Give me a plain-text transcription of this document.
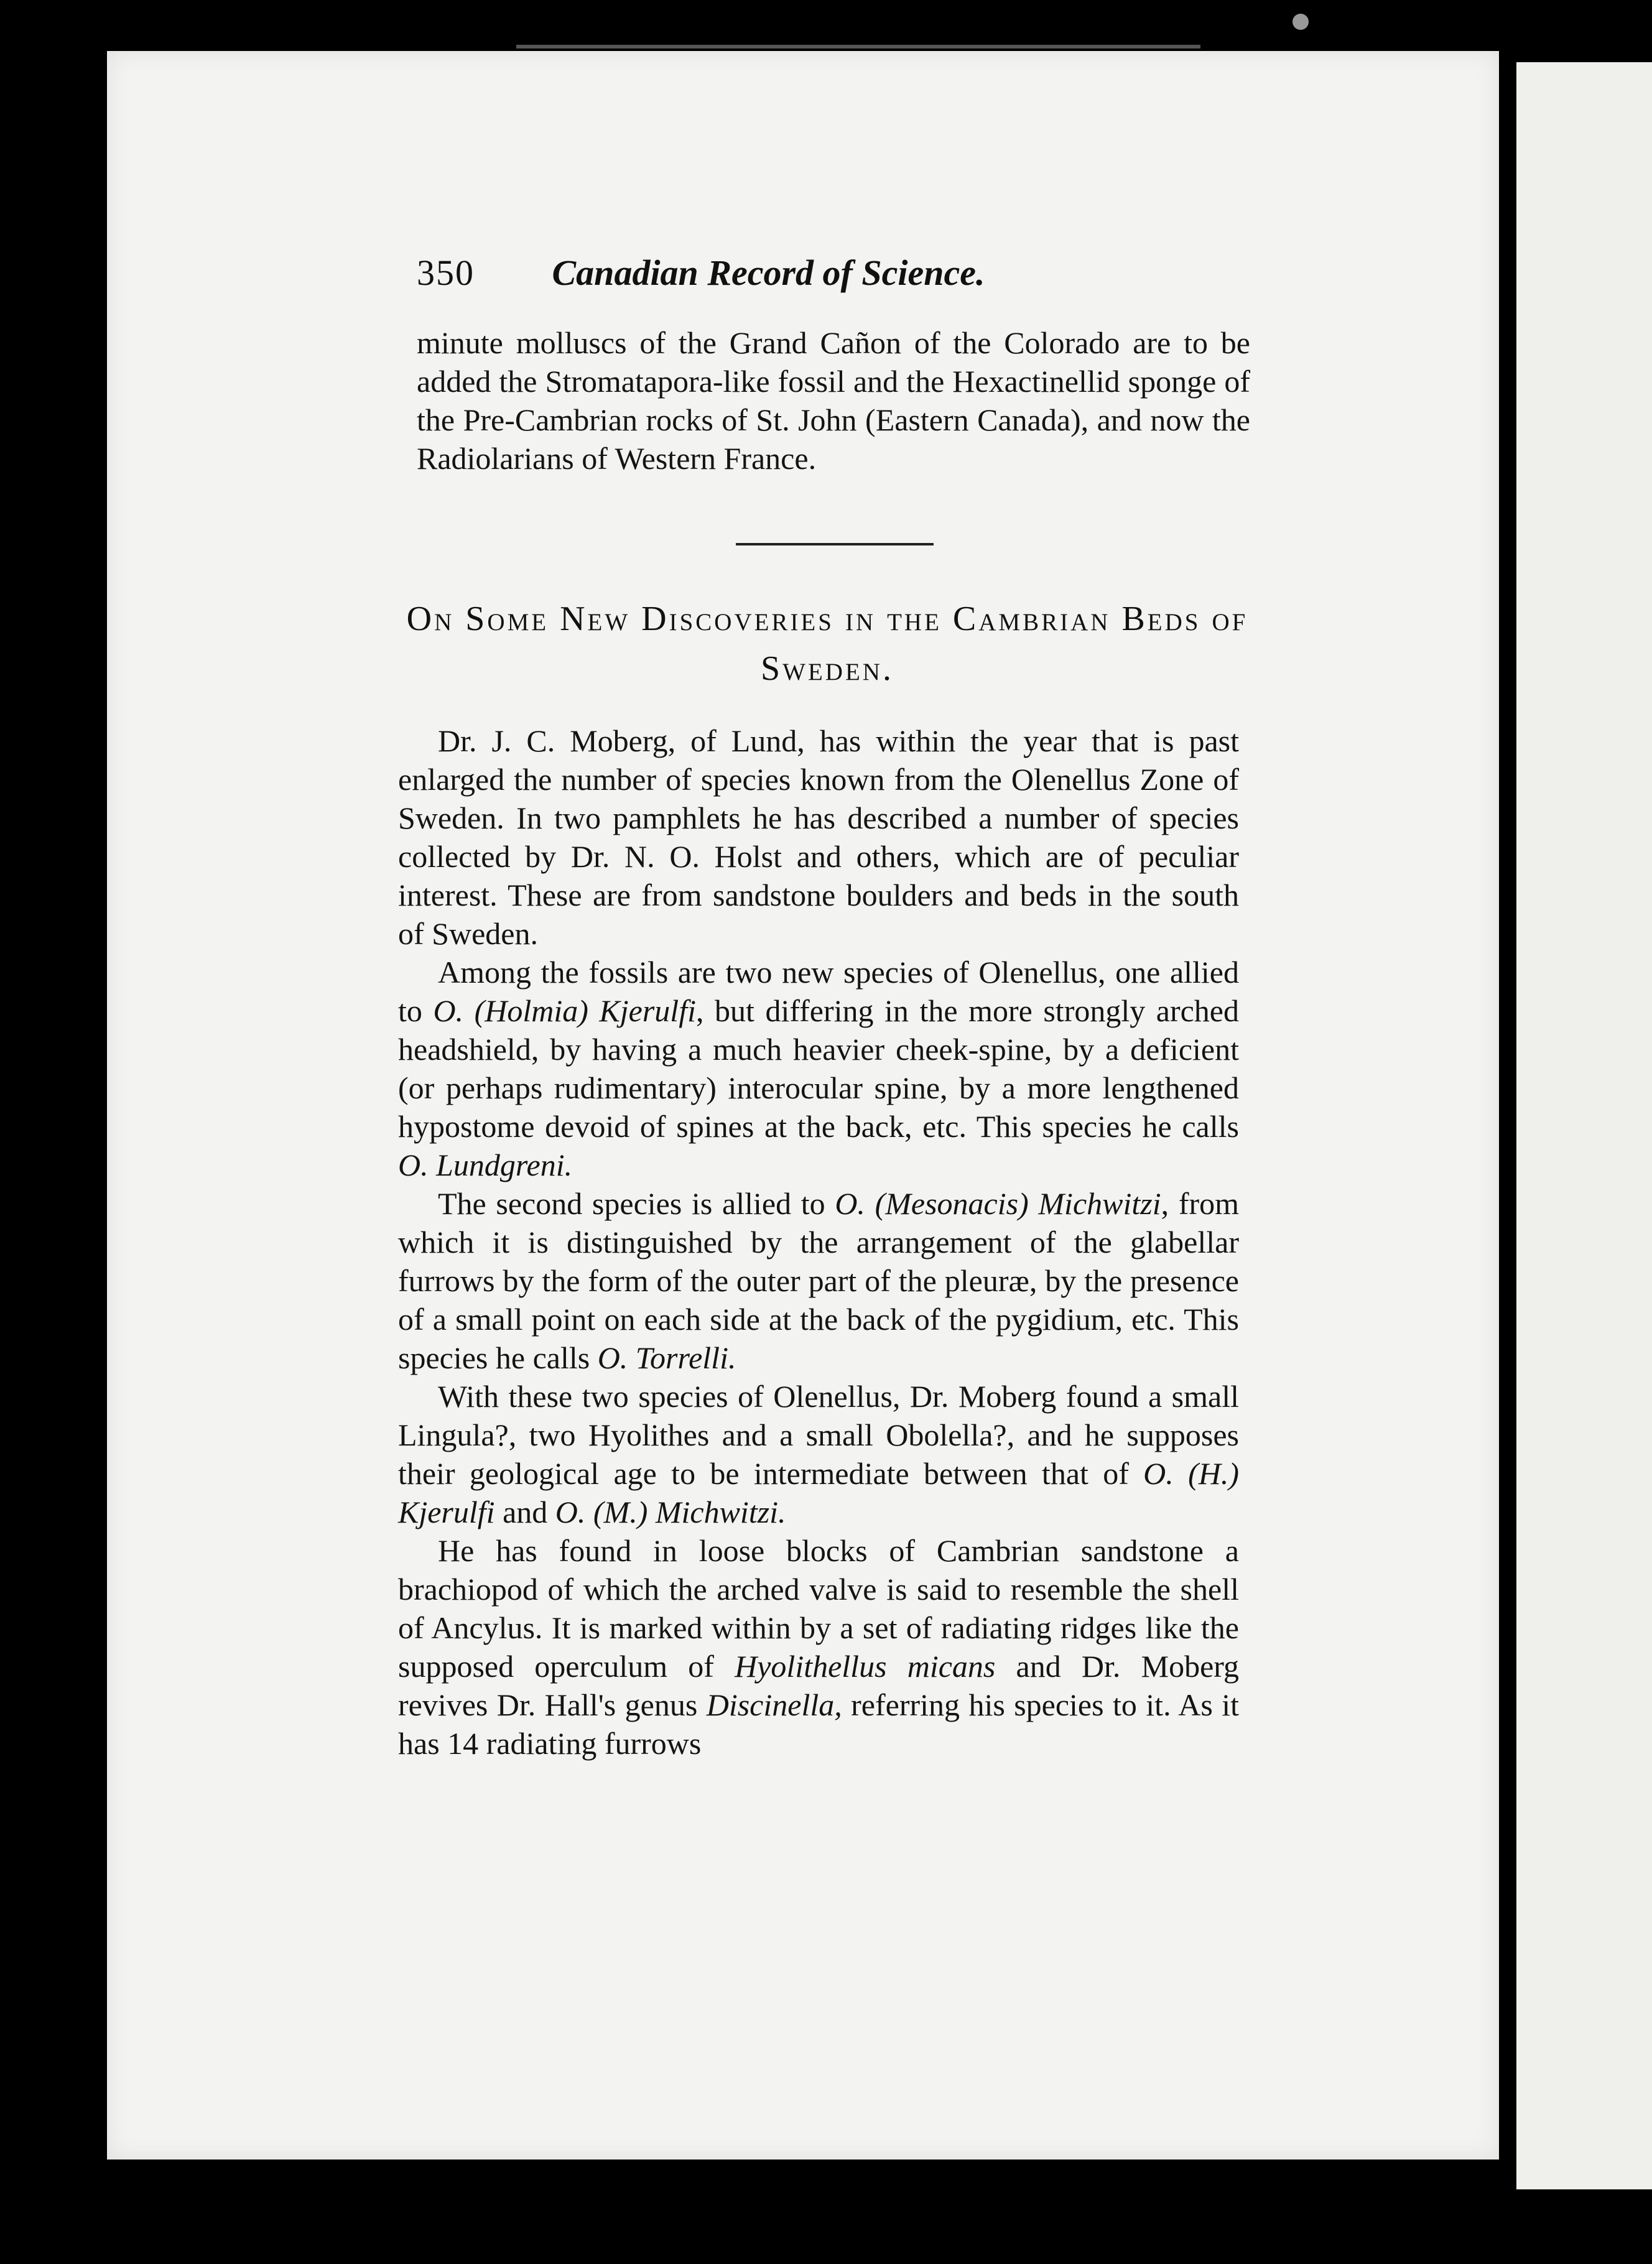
350 Canadian Record of Science.

minute molluscs of the Grand Cañon of the Colorado are to be added the Stromatapora-like fossil and the Hexactinellid sponge of the Pre-Cambrian rocks of St. John (Eastern Canada), and now the Radiolarians of Western France.

On Some New Discoveries in the Cambrian Beds of Sweden.

Dr. J. C. Moberg, of Lund, has within the year that is past enlarged the number of species known from the Olenellus Zone of Sweden. In two pamphlets he has described a number of species collected by Dr. N. O. Holst and others, which are of peculiar interest. These are from sandstone boulders and beds in the south of Sweden.

Among the fossils are two new species of Olenellus, one allied to O. (Holmia) Kjerulfi, but differing in the more strongly arched headshield, by having a much heavier cheek-spine, by a deficient (or perhaps rudimentary) interocular spine, by a more lengthened hypostome devoid of spines at the back, etc. This species he calls O. Lundgreni.

The second species is allied to O. (Mesonacis) Michwitzi, from which it is distinguished by the arrangement of the glabellar furrows by the form of the outer part of the pleuræ, by the presence of a small point on each side at the back of the pygidium, etc. This species he calls O. Torrelli.

With these two species of Olenellus, Dr. Moberg found a small Lingula?, two Hyolithes and a small Obolella?, and he supposes their geological age to be intermediate between that of O. (H.) Kjerulfi and O. (M.) Michwitzi.

He has found in loose blocks of Cambrian sandstone a brachiopod of which the arched valve is said to resemble the shell of Ancylus. It is marked within by a set of radiating ridges like the supposed operculum of Hyolithellus micans and Dr. Moberg revives Dr. Hall's genus Discinella, referring his species to it. As it has 14 radiating furrows
